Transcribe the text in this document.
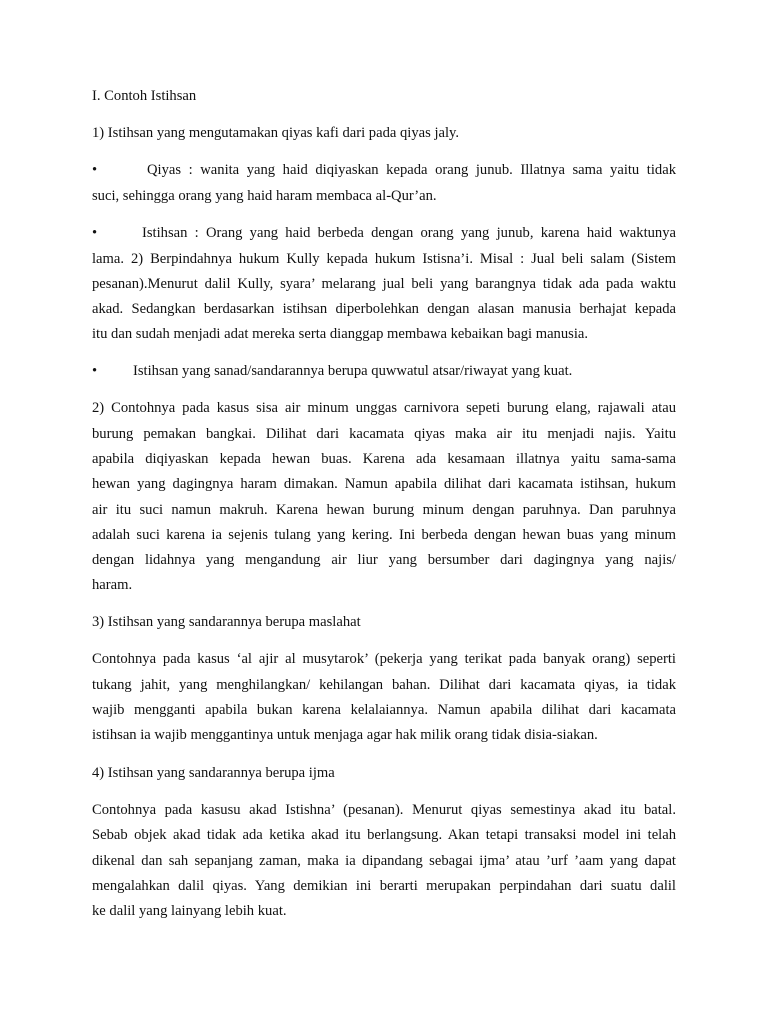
I. Contoh Istihsan
1) Istihsan yang mengutamakan qiyas kafi dari pada qiyas jaly.
•	Qiyas : wanita yang haid diqiyaskan kepada orang junub. Illatnya sama yaitu tidak
suci, sehingga orang yang haid haram membaca al-Qur’an.
•	Istihsan : Orang yang haid berbeda dengan orang yang junub, karena haid waktunya
lama. 2) Berpindahnya hukum Kully kepada hukum Istisna’i. Misal : Jual beli salam (Sistem
pesanan).Menurut dalil Kully, syara’ melarang jual beli yang barangnya tidak ada pada waktu
akad. Sedangkan berdasarkan istihsan diperbolehkan dengan alasan manusia berhajat kepada
itu dan sudah menjadi adat mereka serta dianggap membawa kebaikan bagi manusia.
• Istihsan yang sanad/sandarannya berupa quwwatul atsar/riwayat yang kuat.
2) Contohnya pada kasus sisa air minum unggas carnivora sepeti burung elang, rajawali atau
burung pemakan bangkai. Dilihat dari kacamata qiyas maka air itu menjadi najis. Yaitu
apabila diqiyaskan kepada hewan buas. Karena ada kesamaan illatnya yaitu sama-sama
hewan yang dagingnya haram dimakan. Namun apabila dilihat dari kacamata istihsan, hukum
air itu suci namun makruh. Karena hewan burung minum dengan paruhnya. Dan paruhnya
adalah suci karena ia sejenis tulang yang kering. Ini berbeda dengan hewan buas yang minum
dengan lidahnya yang mengandung air liur yang bersumber dari dagingnya yang najis/
haram.
3) Istihsan yang sandarannya berupa maslahat
Contohnya pada kasus ‘al ajir al musytarok’ (pekerja yang terikat pada banyak orang) seperti
tukang jahit, yang menghilangkan/ kehilangan bahan. Dilihat dari kacamata qiyas, ia tidak
wajib mengganti apabila bukan karena kelalaiannya. Namun apabila dilihat dari kacamata
istihsan ia wajib menggantinya untuk menjaga agar hak milik orang tidak disia-siakan.
4) Istihsan yang sandarannya berupa ijma
Contohnya pada kasusu akad Istishna’ (pesanan). Menurut qiyas semestinya akad itu batal.
Sebab objek akad tidak ada ketika akad itu berlangsung. Akan tetapi transaksi model ini telah
dikenal dan sah sepanjang zaman, maka ia dipandang sebagai ijma’ atau ’urf ’aam yang dapat
mengalahkan dalil qiyas. Yang demikian ini berarti merupakan perpindahan dari suatu dalil
ke dalil yang lainyang lebih kuat.
